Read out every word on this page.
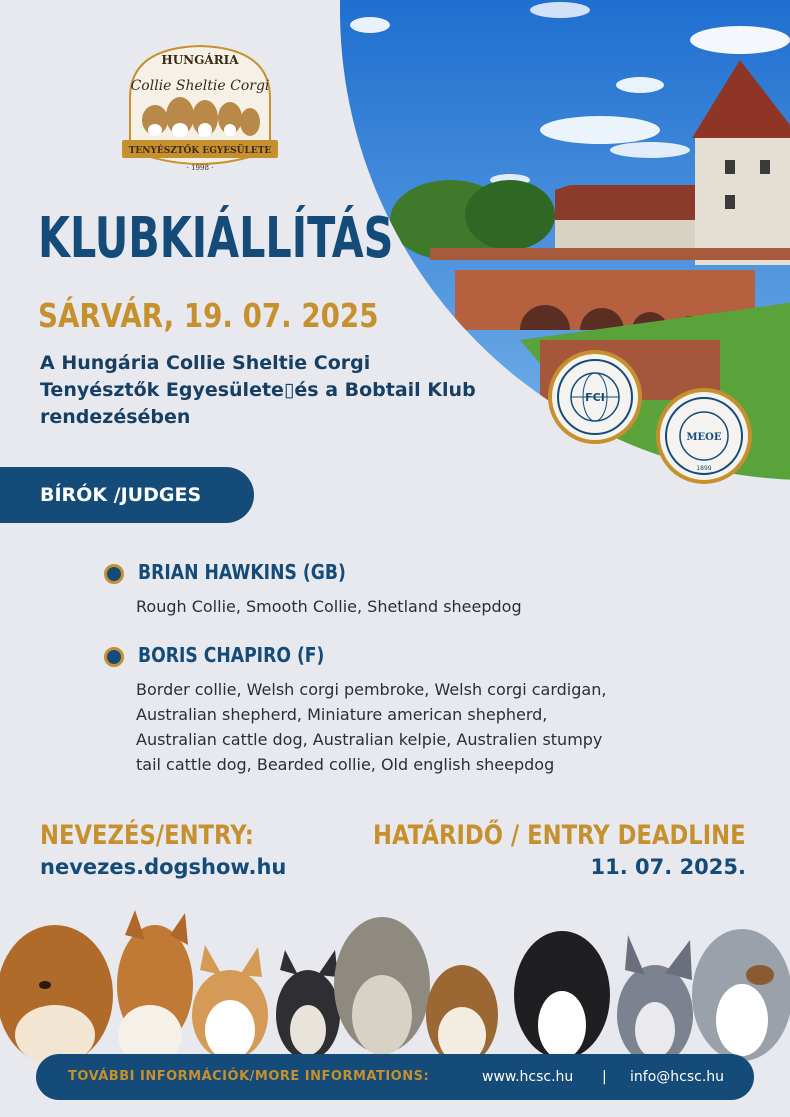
FCI
MEOE
1899
HUNGÁRIA
Collie Sheltie Corgi
TENYÉSZTŐK EGYESÜLETE
· 1998 ·
KLUBKIÁLLÍTÁS
SÁRVÁR, 19. 07. 2025
A Hungária Collie Sheltie Corgi
Tenyésztők Egyesülete▯és a Bobtail Klub
rendezésében
BÍRÓK /JUDGES
BRIAN HAWKINS (GB)
Rough Collie, Smooth Collie, Shetland sheepdog
BORIS CHAPIRO (F)
Border collie, Welsh corgi pembroke, Welsh corgi cardigan,
Australian shepherd, Miniature american shepherd,
Australian cattle dog, Australian kelpie, Australien stumpy
tail cattle dog, Bearded collie, Old english sheepdog
NEVEZÉS/ENTRY:
nevezes.dogshow.hu
HATÁRIDŐ / ENTRY DEADLINE
11. 07. 2025.
TOVÁBBI INFORMÁCIÓK/MORE INFORMATIONS:	www.hcsc.hu | info@hcsc.hu
